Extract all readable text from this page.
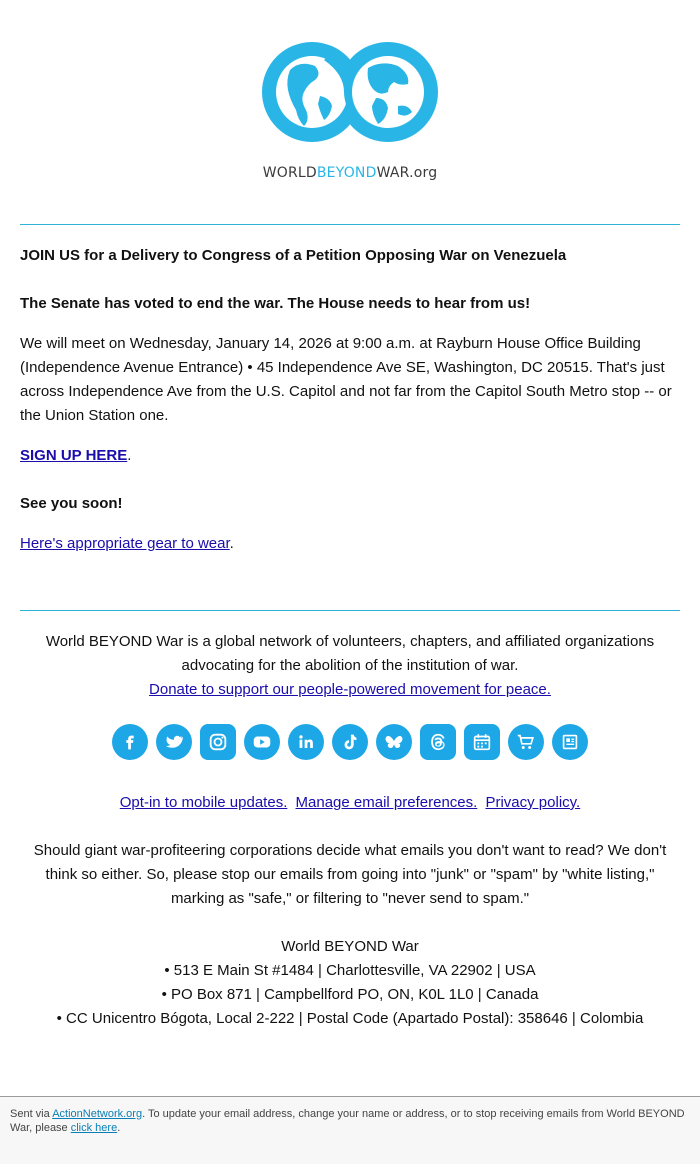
WORLDBEYONDWAR.org

JOIN US for a Delivery to Congress of a Petition Opposing War on Venezuela

The Senate has voted to end the war. The House needs to hear from us!

We will meet on Wednesday, January 14, 2026 at 9:00 a.m. at Rayburn House Office Building (Independence Avenue Entrance) • 45 Independence Ave SE, Washington, DC 20515. That's just across Independence Ave from the U.S. Capitol and not far from the Capitol South Metro stop -- or the Union Station one.

SIGN UP HERE.

See you soon!

Here's appropriate gear to wear.

World BEYOND War is a global network of volunteers, chapters, and affiliated organizations advocating for the abolition of the institution of war.

Donate to support our people-powered movement for peace.

Opt-in to mobile updates. Manage email preferences. Privacy policy.

Should giant war-profiteering corporations decide what emails you don't want to read? We don't think so either. So, please stop our emails from going into "junk" or "spam" by "white listing," marking as "safe," or filtering to "never send to spam."

World BEYOND War

• 513 E Main St #1484 | Charlottesville, VA 22902 | USA

• PO Box 871 | Campbellford PO, ON, K0L 1L0 | Canada

• CC Unicentro Bógota, Local 2-222 | Postal Code (Apartado Postal): 358646 | Colombia

Sent via ActionNetwork.org. To update your email address, change your name or address, or to stop receiving emails from World BEYOND War, please click here.
